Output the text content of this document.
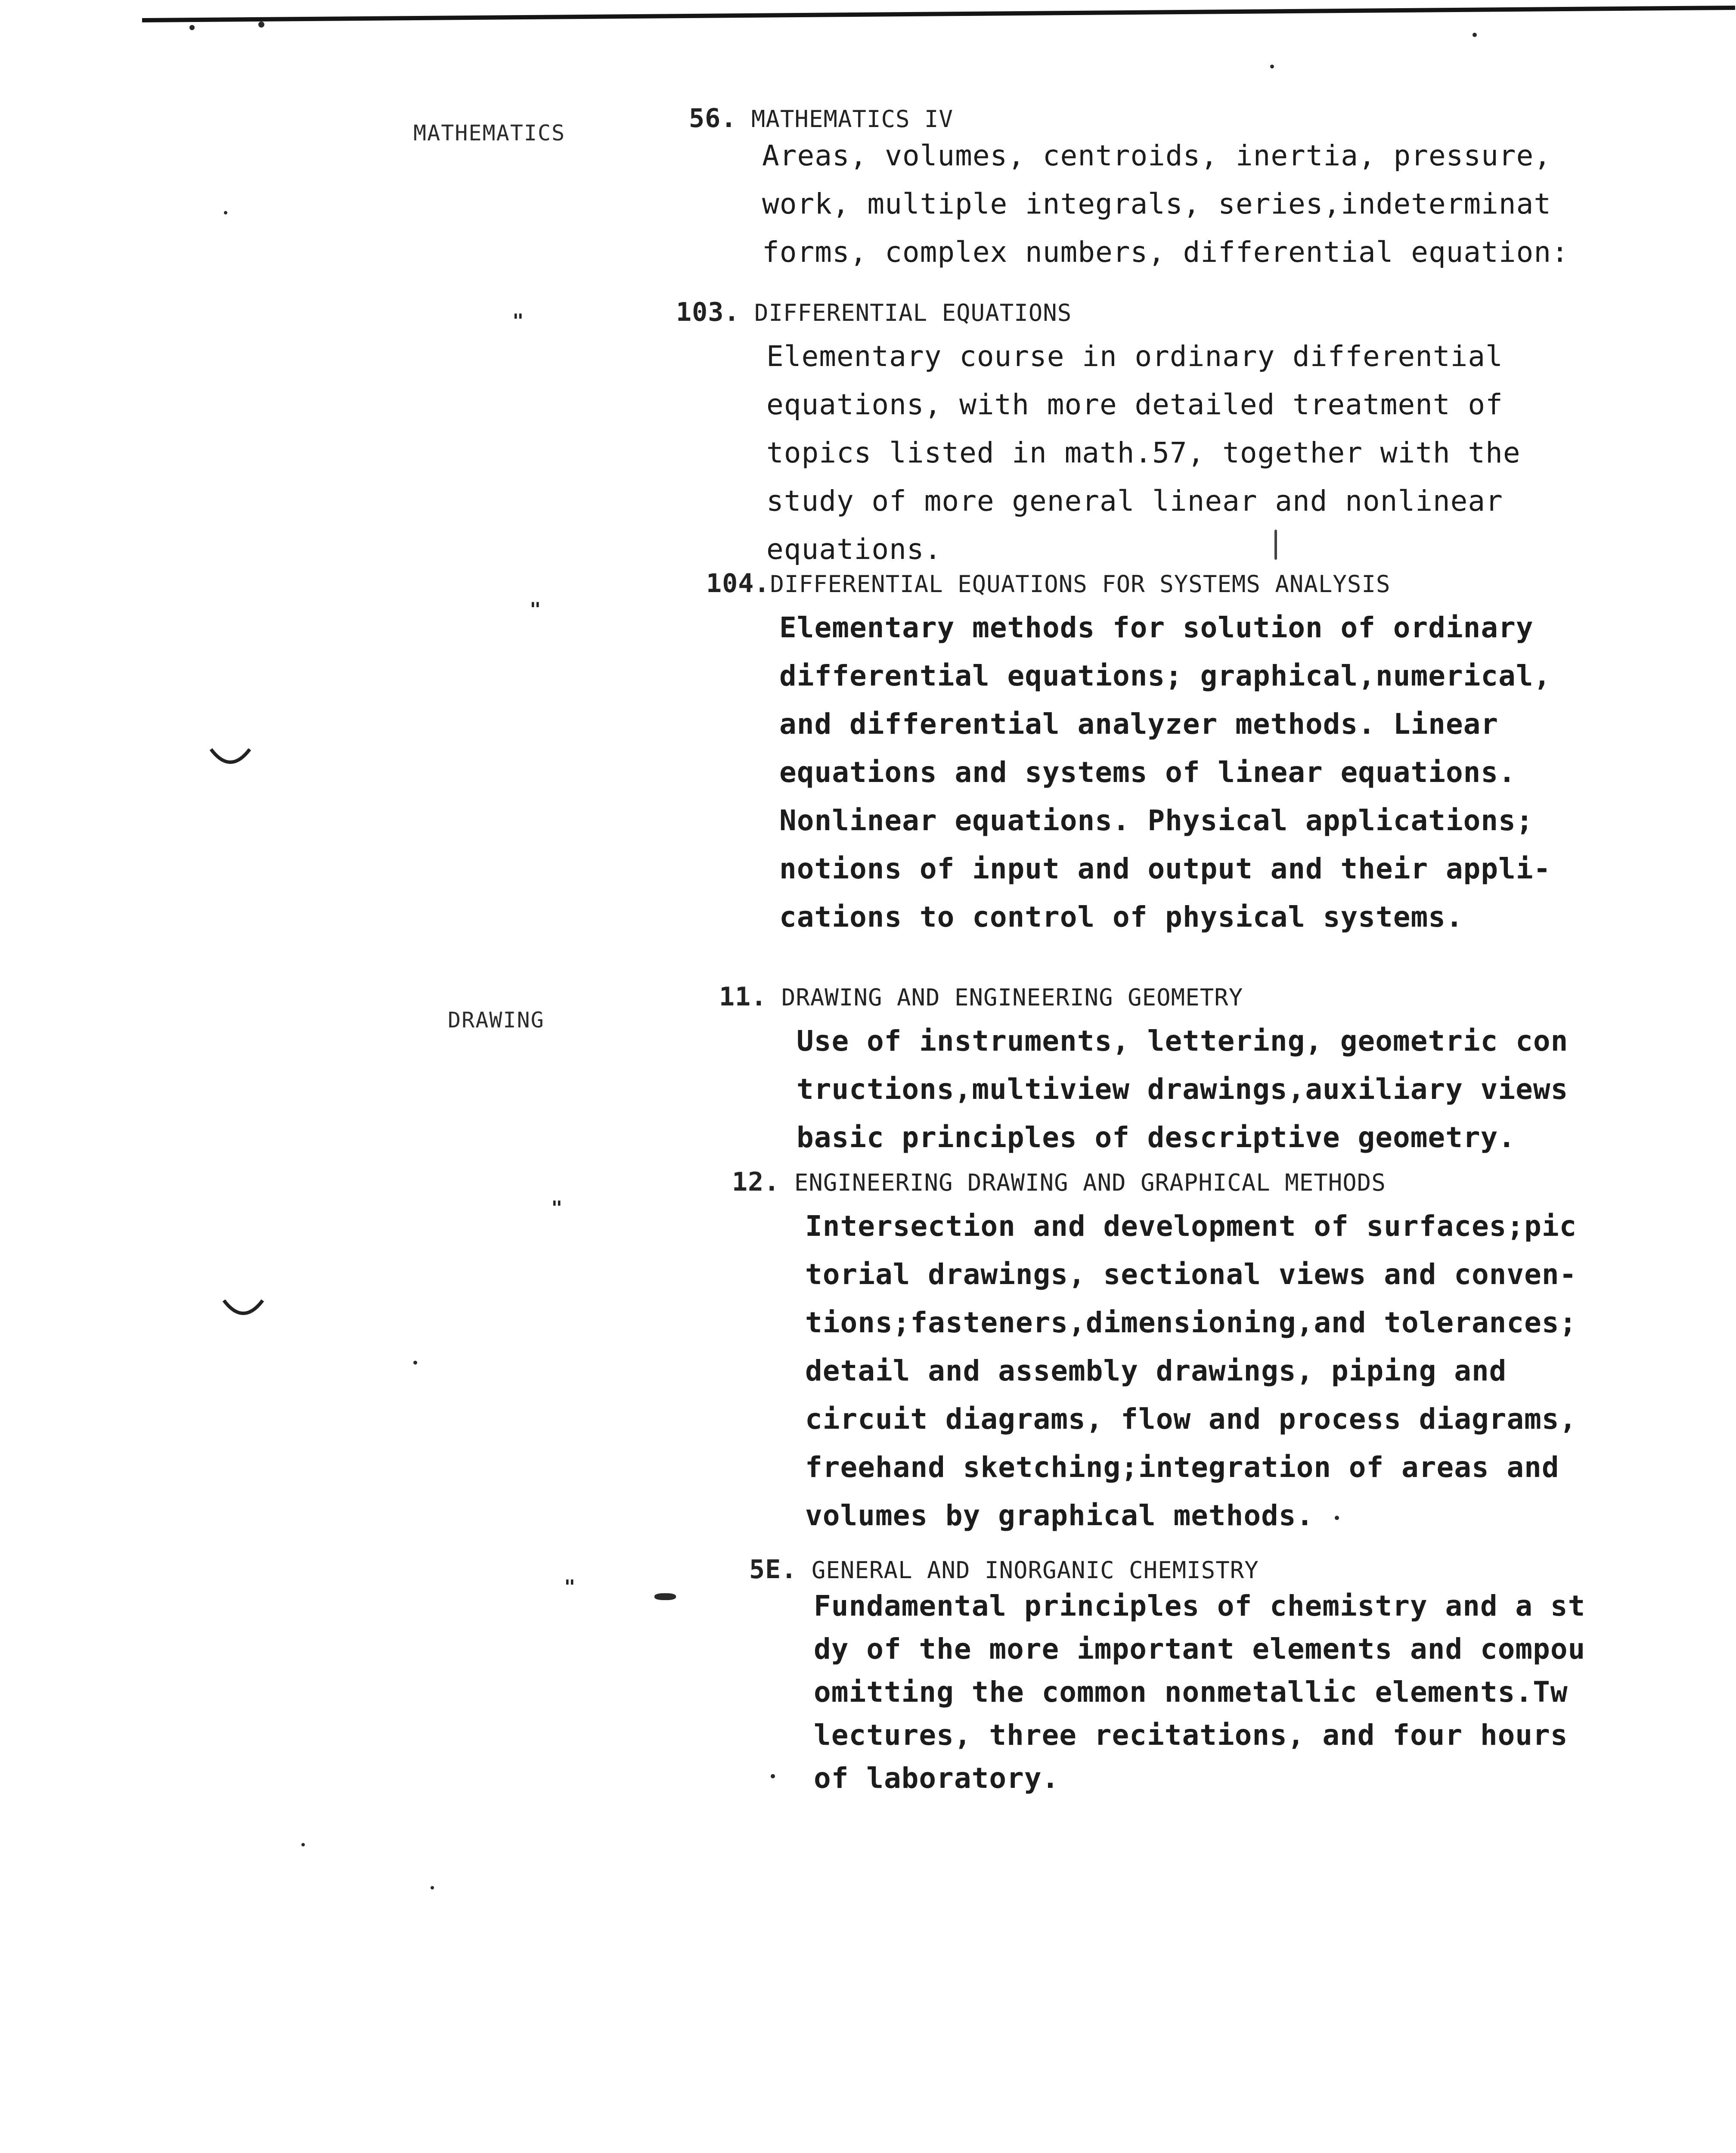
MATHEMATICS
DRAWING
"
"
"
"
56. MATHEMATICS IV
Areas, volumes, centroids, inertia, pressure,
work, multiple integrals, series,indeterminat
forms, complex numbers, differential equation:
103. DIFFERENTIAL EQUATIONS
Elementary course in ordinary differential
equations, with more detailed treatment of
topics listed in math.57, together with the
study of more general linear and nonlinear
equations.
104.DIFFERENTIAL EQUATIONS FOR SYSTEMS ANALYSIS
Elementary methods for solution of ordinary
differential equations; graphical,numerical,
and differential analyzer methods. Linear
equations and systems of linear equations.
Nonlinear equations. Physical applications;
notions of input and output and their appli-
cations to control of physical systems.
11. DRAWING AND ENGINEERING GEOMETRY
Use of instruments, lettering, geometric con
tructions,multiview drawings,auxiliary views
basic principles of descriptive geometry.
12. ENGINEERING DRAWING AND GRAPHICAL METHODS
Intersection and development of surfaces;pic
torial drawings, sectional views and conven-
tions;fasteners,dimensioning,and tolerances;
detail and assembly drawings, piping and
circuit diagrams, flow and process diagrams,
freehand sketching;integration of areas and
volumes by graphical methods.
5E. GENERAL AND INORGANIC CHEMISTRY
Fundamental principles of chemistry and a st
dy of the more important elements and compou
omitting the common nonmetallic elements.Tw
lectures, three recitations, and four hours
of laboratory.
